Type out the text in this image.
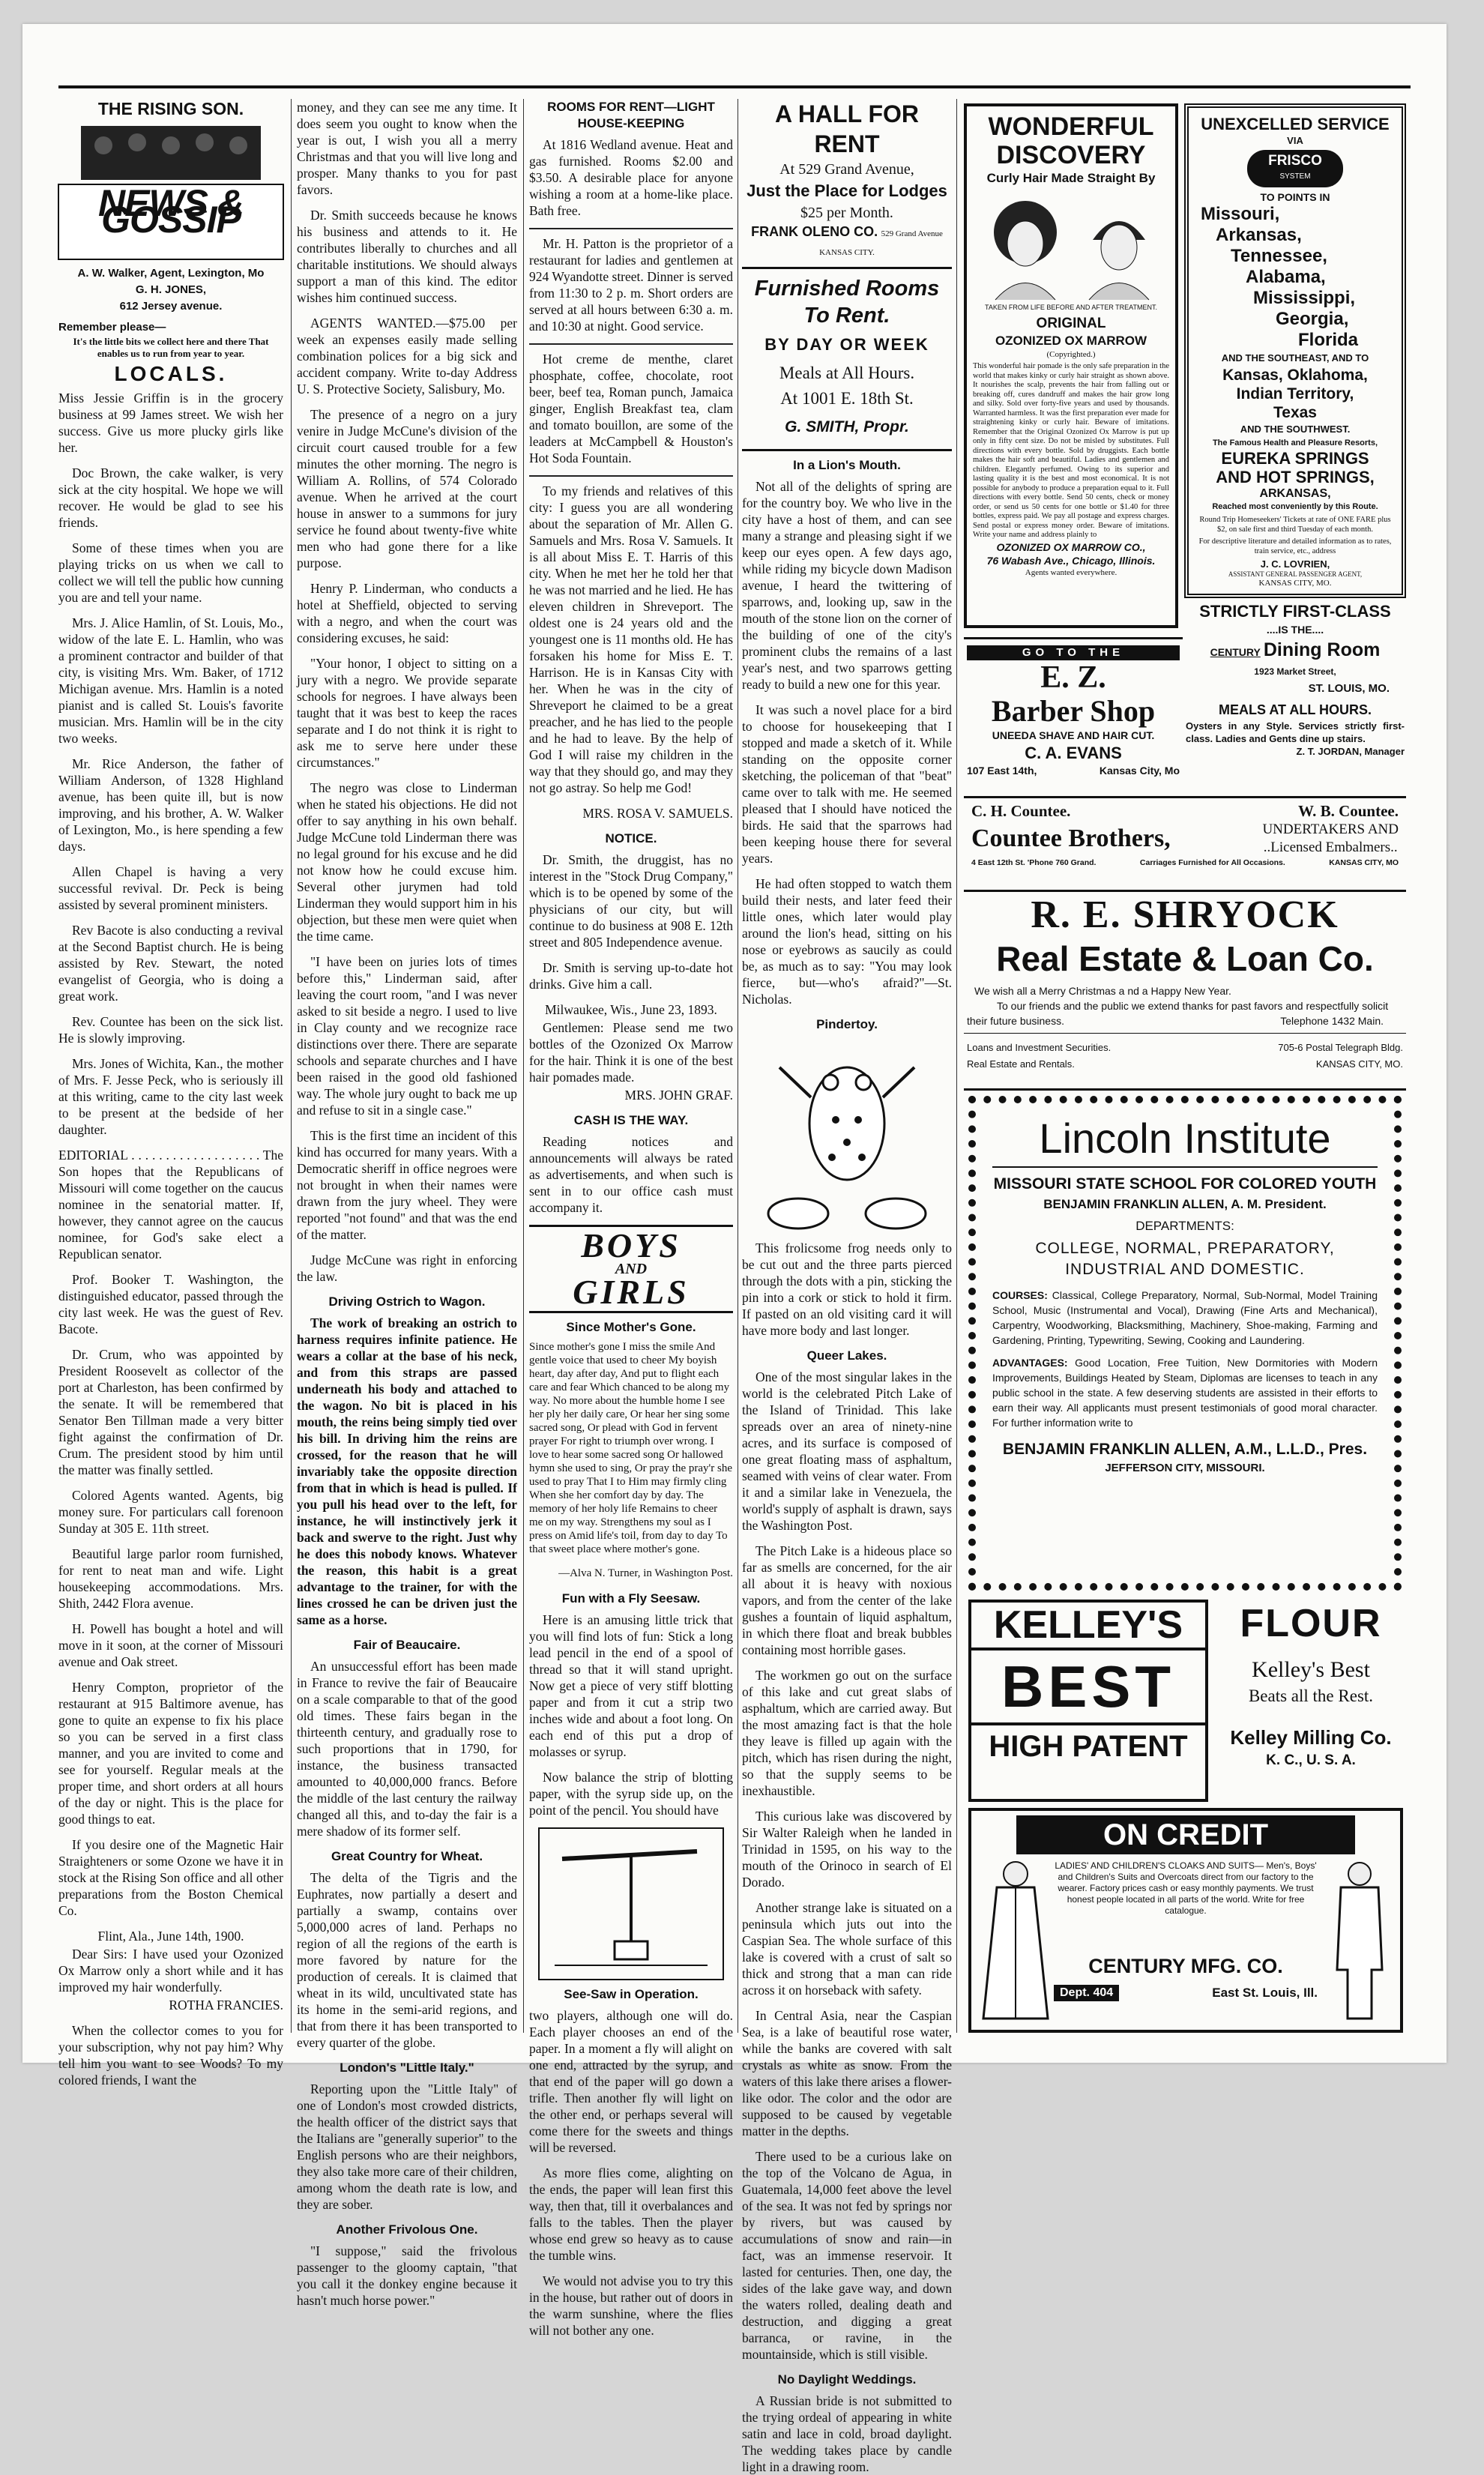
THE RISING SON.
NEWS & GOSSIP
A. W. Walker, Agent, Lexington, Mo
G. H. JONES,
612 Jersey avenue.
Remember please—
It's the little bits we collect here and there That enables us to run from year to year.
LOCALS.

Miss Jessie Griffin is in the grocery business at 99 James street. We wish her success. Give us more plucky girls like her.

Doc Brown, the cake walker, is very sick at the city hospital. We hope we will recover. He would be glad to see his friends.

Some of these times when you are playing tricks on us when we call to collect we will tell the public how cunning you are and tell your name.

Mrs. J. Alice Hamlin, of St. Louis, Mo., widow of the late E. L. Hamlin, who was a prominent contractor and builder of that city, is visiting Mrs. Wm. Baker, of 1712 Michigan avenue. Mrs. Hamlin is a noted pianist and is called St. Louis's favorite musician. Mrs. Hamlin will be in the city two weeks.

Mr. Rice Anderson, the father of William Anderson, of 1328 Highland avenue, has been quite ill, but is now improving, and his brother, A. W. Walker of Lexington, Mo., is here spending a few days.

Allen Chapel is having a very successful revival. Dr. Peck is being assisted by several prominent ministers.

Rev Bacote is also conducting a revival at the Second Baptist church. He is being assisted by Rev. Stewart, the noted evangelist of Georgia, who is doing a great work.

Rev. Countee has been on the sick list. He is slowly improving.

Mrs. Jones of Wichita, Kan., the mother of Mrs. F. Jesse Peck, who is seriously ill at this writing, came to the city last week to be present at the bedside of her daughter.

EDITORIAL . . . . . . . . . . . . . . . . . . . The Son hopes that the Republicans of Missouri will come together on the caucus nominee in the senatorial matter. If, however, they cannot agree on the caucus nominee, for God's sake elect a Republican senator.

Prof. Booker T. Washington, the distinguished educator, passed through the city last week. He was the guest of Rev. Bacote.

Dr. Crum, who was appointed by President Roosevelt as collector of the port at Charleston, has been confirmed by the senate. It will be remembered that Senator Ben Tillman made a very bitter fight against the confirmation of Dr. Crum. The president stood by him until the matter was finally settled.

Colored Agents wanted. Agents, big money sure. For particulars call forenoon Sunday at 305 E. 11th street.

Beautiful large parlor room furnished, for rent to neat man and wife. Light housekeeping accommodations. Mrs. Shith, 2442 Flora avenue.

H. Powell has bought a hotel and will move in it soon, at the corner of Missouri avenue and Oak street.

Henry Compton, proprietor of the restaurant at 915 Baltimore avenue, has gone to quite an expense to fix his place so you can be served in a first class manner, and you are invited to come and see for yourself. Regular meals at the proper time, and short orders at all hours of the day or night. This is the place for good things to eat.

If you desire one of the Magnetic Hair Straighteners or some Ozone we have it in stock at the Rising Son office and all other preparations from the Boston Chemical Co.

Flint, Ala., June 14th, 1900.

Dear Sirs: I have used your Ozonized Ox Marrow only a short while and it has improved my hair wonderfully.

ROTHA FRANCIES.

When the collector comes to you for your subscription, why not pay him? Why tell him you want to see Woods? To my colored friends, I want the

money, and they can see me any time. It does seem you ought to know when the year is out, I wish you all a merry Christmas and that you will live long and prosper. Many thanks to you for past favors.

Dr. Smith succeeds because he knows his business and attends to it. He contributes liberally to churches and all charitable institutions. We should always support a man of this kind. The editor wishes him continued success.

AGENTS WANTED.—$75.00 per week an expenses easily made selling combination polices for a big sick and accident company. Write to-day Address U. S. Protective Society, Salisbury, Mo.

The presence of a negro on a jury venire in Judge McCune's division of the circuit court caused trouble for a few minutes the other morning. The negro is William A. Rollins, of 574 Colorado avenue. When he arrived at the court house in answer to a summons for jury service he found about twenty-five white men who had gone there for a like purpose.

Henry P. Linderman, who conducts a hotel at Sheffield, objected to serving with a negro, and when the court was considering excuses, he said:

"Your honor, I object to sitting on a jury with a negro. We provide separate schools for negroes. I have always been taught that it was best to keep the races separate and I do not think it is right to ask me to serve here under these circumstances."

The negro was close to Linderman when he stated his objections. He did not offer to say anything in his own behalf. Judge McCune told Linderman there was no legal ground for his excuse and he did not know how he could excuse him. Several other jurymen had told Linderman they would support him in his objection, but these men were quiet when the time came.

"I have been on juries lots of times before this," Linderman said, after leaving the court room, "and I was never asked to sit beside a negro. I used to live in Clay county and we recognize race distinctions over there. There are separate schools and separate churches and I have been raised in the good old fashioned way. The whole jury ought to back me up and refuse to sit in a single case."

This is the first time an incident of this kind has occurred for many years. With a Democratic sheriff in office negroes were not brought in when their names were drawn from the jury wheel. They were reported "not found" and that was the end of the matter.

Judge McCune was right in enforcing the law.

Driving Ostrich to Wagon.

The work of breaking an ostrich to harness requires infinite patience. He wears a collar at the base of his neck, and from this straps are passed underneath his body and attached to the wagon. No bit is placed in his mouth, the reins being simply tied over his bill. In driving him the reins are crossed, for the reason that he will invariably take the opposite direction from that in which is head is pulled. If you pull his head over to the left, for instance, he will instinctively jerk it back and swerve to the right. Just why he does this nobody knows. Whatever the reason, this habit is a great advantage to the trainer, for with the lines crossed he can be driven just the same as a horse.

Fair of Beaucaire.

An unsuccessful effort has been made in France to revive the fair of Beaucaire on a scale comparable to that of the good old times. These fairs began in the thirteenth century, and gradually rose to such proportions that in 1790, for instance, the business transacted amounted to 40,000,000 francs. Before the middle of the last century the railway changed all this, and to-day the fair is a mere shadow of its former self.

Great Country for Wheat.

The delta of the Tigris and the Euphrates, now partially a desert and partially a swamp, contains over 5,000,000 acres of land. Perhaps no region of all the regions of the earth is more favored by nature for the production of cereals. It is claimed that wheat in its wild, uncultivated state has its home in the semi-arid regions, and that from there it has been transported to every quarter of the globe.

London's "Little Italy."

Reporting upon the "Little Italy" of one of London's most crowded districts, the health officer of the district says that the Italians are "generally superior" to the English persons who are their neighbors, they also take more care of their children, among whom the death rate is low, and they are sober.

Another Frivolous One.

"I suppose," said the frivolous passenger to the gloomy captain, "that you call it the donkey engine because it hasn't much horse power."

ROOMS FOR RENT—LIGHT HOUSE-KEEPING

At 1816 Wedland avenue. Heat and gas furnished. Rooms $2.00 and $3.50. A desirable place for anyone wishing a room at a home-like place. Bath free.

Mr. H. Patton is the proprietor of a restaurant for ladies and gentlemen at 924 Wyandotte street. Dinner is served from 11:30 to 2 p. m. Short orders are served at all hours between 6:30 a. m. and 10:30 at night. Good service.

Hot creme de menthe, claret phosphate, coffee, chocolate, root beer, beef tea, Roman punch, Jamaica ginger, English Breakfast tea, clam and tomato bouillon, are some of the leaders at McCampbell & Houston's Hot Soda Fountain.

To my friends and relatives of this city: I guess you are all wondering about the separation of Mr. Allen G. Samuels and Mrs. Rosa V. Samuels. It is all about Miss E. T. Harris of this city. When he met her he told her that he was not married and he lied. He has eleven children in Shreveport. The oldest one is 24 years old and the youngest one is 11 months old. He has forsaken his home for Miss E. T. Harrison. He is in Kansas City with her. When he was in the city of Shreveport he claimed to be a great preacher, and he has lied to the people and he had to leave. By the help of God I will raise my children in the way that they should go, and may they not go astray. So help me God!

MRS. ROSA V. SAMUELS.

NOTICE.

Dr. Smith, the druggist, has no interest in the "Stock Drug Company," which is to be opened by some of the physicians of our city, but will continue to do business at 908 E. 12th street and 805 Independence avenue.

Dr. Smith is serving up-to-date hot drinks. Give him a call.

Milwaukee, Wis., June 23, 1893.

Gentlemen: Please send me two bottles of the Ozonized Ox Marrow for the hair. Think it is one of the best hair pomades made.

MRS. JOHN GRAF.

CASH IS THE WAY.

Reading notices and announcements will always be rated as advertisements, and when such is sent in to our office cash must accompany it.

BOYS
AND
GIRLS
Since Mother's Gone.

Since mother's gone I miss the smile And gentle voice that used to cheer My boyish heart, day after day, And put to flight each care and fear Which chanced to be along my way. No more about the humble home I see her ply her daily care, Or hear her sing some sacred song, Or plead with God in fervent prayer For right to triumph over wrong. I love to hear some sacred song Or hallowed hymn she used to sing, Or pray the pray'r she used to pray That I to Him may firmly cling When she her comfort day by day. The memory of her holy life Remains to cheer me on my way. Strengthens my soul as I press on Amid life's toil, from day to day To that sweet place where mother's gone.

—Alva N. Turner, in Washington Post.

Fun with a Fly Seesaw.

Here is an amusing little trick that you will find lots of fun: Stick a long lead pencil in the end of a spool of thread so that it will stand upright. Now get a piece of very stiff blotting paper and from it cut a strip two inches wide and about a foot long. On each end of this put a drop of molasses or syrup.

Now balance the strip of blotting paper, with the syrup side up, on the point of the pencil. You should have

See-Saw in Operation.

two players, although one will do. Each player chooses an end of the paper. In a moment a fly will alight on one end, attracted by the syrup, and that end of the paper will go down a trifle. Then another fly will light on the other end, or perhaps several will come there for the sweets and things will be reversed.

As more flies come, alighting on the ends, the paper will lean first this way, then that, till it overbalances and falls to the tables. Then the player whose end grew so heavy as to cause the tumble wins.

We would not advise you to try this in the house, but rather out of doors in the warm sunshine, where the flies will not bother any one.

A HALL FOR RENT
At 529 Grand Avenue,
Just the Place for Lodges
$25 per Month.
FRANK OLENO CO. 529 Grand Avenue KANSAS CITY.
Furnished Rooms
To Rent.
BY DAY OR WEEK
Meals at All Hours.
At 1001 E. 18th St.
G. SMITH, Propr.
In a Lion's Mouth.

Not all of the delights of spring are for the country boy. We who live in the city have a host of them, and can see many a strange and pleasing sight if we keep our eyes open. A few days ago, while riding my bicycle down Madison avenue, I heard the twittering of sparrows, and, looking up, saw in the mouth of the stone lion on the corner of the building of one of the city's prominent clubs the remains of a last year's nest, and two sparrows getting ready to build a new one for this year.

It was such a novel place for a bird to choose for housekeeping that I stopped and made a sketch of it. While standing on the opposite corner sketching, the policeman of that "beat" came over to talk with me. He seemed pleased that I should have noticed the birds. He said that the sparrows had been keeping house there for several years.

He had often stopped to watch them build their nests, and later feed their little ones, which later would play around the lion's head, sitting on his nose or eyebrows as saucily as could be, as much as to say: "You may look fierce, but—who's afraid?"—St. Nicholas.

Pindertoy.

This frolicsome frog needs only to be cut out and the three parts pierced through the dots with a pin, sticking the pin into a cork or stick to hold it firm. If pasted on an old visiting card it will have more body and last longer.

Queer Lakes.

One of the most singular lakes in the world is the celebrated Pitch Lake of the Island of Trinidad. This lake spreads over an area of ninety-nine acres, and its surface is composed of one great floating mass of asphaltum, seamed with veins of clear water. From it and a similar lake in Venezuela, the world's supply of asphalt is drawn, says the Washington Post.

The Pitch Lake is a hideous place so far as smells are concerned, for the air all about it is heavy with noxious vapors, and from the center of the lake gushes a fountain of liquid asphaltum, in which there float and break bubbles containing most horrible gases.

The workmen go out on the surface of this lake and cut great slabs of asphaltum, which are carried away. But the most amazing fact is that the hole they leave is filled up again with the pitch, which has risen during the night, so that the supply seems to be inexhaustible.

This curious lake was discovered by Sir Walter Raleigh when he landed in Trinidad in 1595, on his way to the mouth of the Orinoco in search of El Dorado.

Another strange lake is situated on a peninsula which juts out into the Caspian Sea. The whole surface of this lake is covered with a crust of salt so thick and strong that a man can ride across it on horseback with safety.

In Central Asia, near the Caspian Sea, is a lake of beautiful rose water, while the banks are covered with salt crystals as white as snow. From the waters of this lake there arises a flower-like odor. The color and the odor are supposed to be caused by vegetable matter in the depths.

There used to be a curious lake on the top of the Volcano de Agua, in Guatemala, 14,000 feet above the level of the sea. It was not fed by springs nor by rivers, but was caused by accumulations of snow and rain—in fact, was an immense reservoir. It lasted for centuries. Then, one day, the sides of the lake gave way, and down the waters rolled, dealing death and destruction, and digging a great barranca, or ravine, in the mountainside, which is still visible.

No Daylight Weddings.

A Russian bride is not submitted to the trying ordeal of appearing in white satin and lace in cold, broad daylight. The wedding takes place by candle light in a drawing room.

WONDERFUL
DISCOVERY
Curly Hair Made Straight By
TAKEN FROM LIFE BEFORE AND AFTER TREATMENT.
ORIGINAL
OZONIZED OX MARROW
(Copyrighted.)
This wonderful hair pomade is the only safe preparation in the world that makes kinky or curly hair straight as shown above. It nourishes the scalp, prevents the hair from falling out or breaking off, cures dandruff and makes the hair grow long and silky. Sold over forty-five years and used by thousands. Warranted harmless. It was the first preparation ever made for straightening kinky or curly hair. Beware of imitations. Remember that the Original Ozonized Ox Marrow is put up only in fifty cent size. Do not be misled by substitutes. Full directions with every bottle. Sold by druggists. Each bottle makes the hair soft and beautiful. Ladies and gentlemen and children. Elegantly perfumed. Owing to its superior and lasting quality it is the best and most economical. It is not possible for anybody to produce a preparation equal to it. Full directions with every bottle. Send 50 cents, check or money order, or send us 50 cents for one bottle or $1.40 for three bottles, express paid. We pay all postage and express charges. Send postal or express money order. Beware of imitations. Write your name and address plainly to
OZONIZED OX MARROW CO.,
76 Wabash Ave., Chicago, Illinois.
Agents wanted everywhere.
UNEXCELLED SERVICE
VIA
FRISCO
SYSTEM
TO POINTS IN
Missouri,
Arkansas,
Tennessee,
Alabama,
Mississippi,
Georgia,
Florida
AND THE SOUTHEAST, AND TO
Kansas, Oklahoma,
Indian Territory,
Texas
AND THE SOUTHWEST.
The Famous Health and Pleasure Resorts,
EUREKA SPRINGS
AND HOT SPRINGS,
ARKANSAS,
Reached most conveniently by this Route.
Round Trip Homeseekers' Tickets at rate of ONE FARE plus $2, on sale first and third Tuesday of each month.
For descriptive literature and detailed information as to rates, train service, etc., address
J. C. LOVRIEN,
ASSISTANT GENERAL PASSENGER AGENT,
KANSAS CITY, MO.
STRICTLY FIRST-CLASS
....IS THE....
CENTURY Dining Room
1923 Market Street,
ST. LOUIS, MO.
MEALS AT ALL HOURS.
Oysters in any Style. Services strictly first-class. Ladies and Gents dine up stairs.
Z. T. JORDAN, Manager
GO TO THE
E. Z.
Barber Shop
UNEEDA SHAVE AND HAIR CUT.
C. A. EVANS
107 East 14th,	Kansas City, Mo
C. H. Countee.	W. B. Countee.
Countee Brothers,	UNDERTAKERS AND
..Licensed Embalmers..
4 East 12th St. 'Phone 760 Grand.	Carriages Furnished for All Occasions.	KANSAS CITY, MO
R. E. SHRYOCK
Real Estate & Loan Co.
We wish all a Merry Christmas a nd a Happy New Year.
To our friends and the public we extend thanks for past favors and respectfully solicit their future business.	Telephone 1432 Main.
Loans and Investment Securities.	705-6 Postal Telegraph Bldg.
Real Estate and Rentals.	KANSAS CITY, MO.
Lincoln Institute
MISSOURI STATE SCHOOL FOR COLORED YOUTH
BENJAMIN FRANKLIN ALLEN, A. M. President.
DEPARTMENTS:
COLLEGE, NORMAL, PREPARATORY, INDUSTRIAL AND DOMESTIC.
COURSES: Classical, College Preparatory, Normal, Sub-Normal, Model Training School, Music (Instrumental and Vocal), Drawing (Fine Arts and Mechanical), Carpentry, Woodworking, Blacksmithing, Machinery, Shoe-making, Farming and Gardening, Printing, Typewriting, Sewing, Cooking and Laundering.
ADVANTAGES: Good Location, Free Tuition, New Dormitories with Modern Improvements, Buildings Heated by Steam, Diplomas are licenses to teach in any public school in the state. A few deserving students are assisted in their efforts to earn their way. All applicants must present testimonials of good moral character. For further information write to
BENJAMIN FRANKLIN ALLEN, A.M., L.L.D., Pres.
JEFFERSON CITY, MISSOURI.
KELLEY'S
BEST
HIGH PATENT
FLOUR
Kelley's Best
Beats all the Rest.
Kelley Milling Co.
K. C., U. S. A.
ON CREDIT
LADIES' AND CHILDREN'S CLOAKS AND SUITS— Men's, Boys' and Children's Suits and Overcoats direct from our factory to the wearer. Factory prices cash or easy monthly payments. We trust honest people located in all parts of the world. Write for free catalogue.
CENTURY MFG. CO.
Dept. 404	East St. Louis, Ill.
